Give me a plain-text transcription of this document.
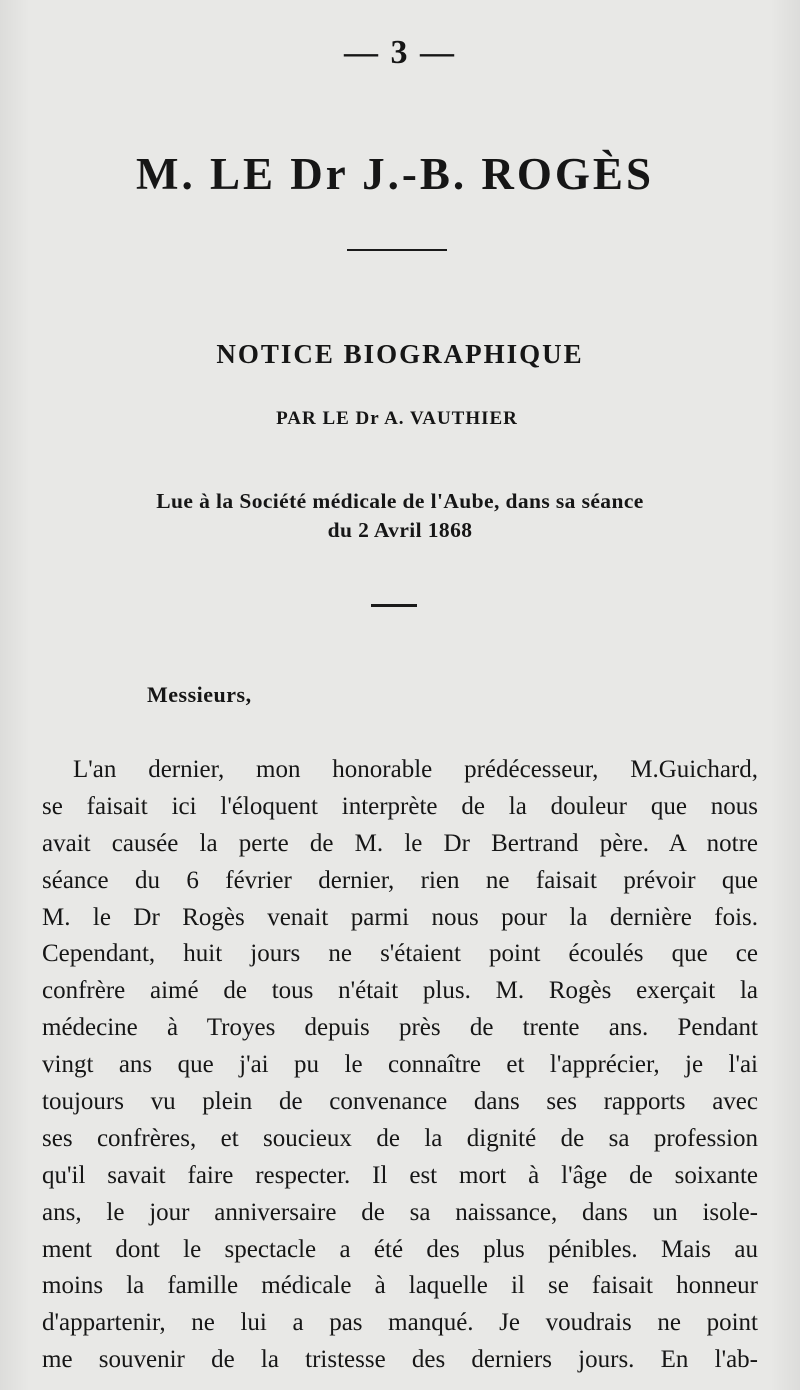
— 3 —
M. LE Dr J.-B. ROGÈS
NOTICE BIOGRAPHIQUE
PAR LE Dr A. VAUTHIER
Lue à la Société médicale de l'Aube, dans sa séance
du 2 Avril 1868
Messieurs,
L'an dernier, mon honorable prédécesseur, M.Guichard,
se faisait ici l'éloquent interprète de la douleur que nous
avait causée la perte de M. le Dr Bertrand père. A notre
séance du 6 février dernier, rien ne faisait prévoir que
M. le Dr Rogès venait parmi nous pour la dernière fois.
Cependant, huit jours ne s'étaient point écoulés que ce
confrère aimé de tous n'était plus. M. Rogès exerçait la
médecine à Troyes depuis près de trente ans. Pendant
vingt ans que j'ai pu le connaître et l'apprécier, je l'ai
toujours vu plein de convenance dans ses rapports avec
ses confrères, et soucieux de la dignité de sa profession
qu'il savait faire respecter. Il est mort à l'âge de soixante
ans, le jour anniversaire de sa naissance, dans un isole-
ment dont le spectacle a été des plus pénibles. Mais au
moins la famille médicale à laquelle il se faisait honneur
d'appartenir, ne lui a pas manqué. Je voudrais ne point
me souvenir de la tristesse des derniers jours. En l'ab-
